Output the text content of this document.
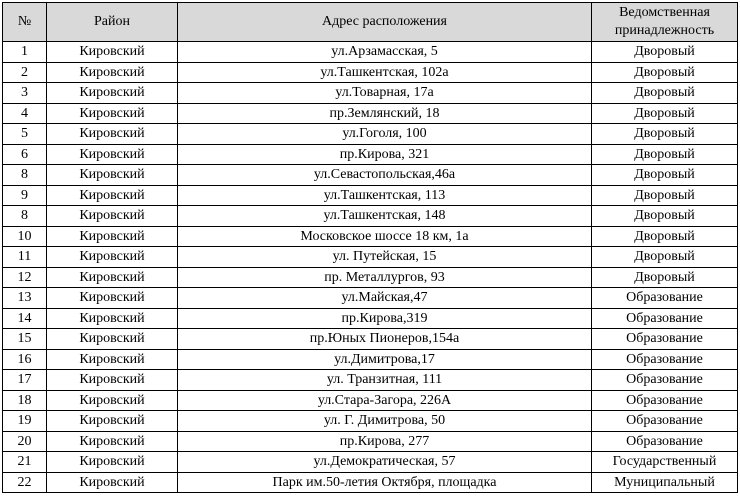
№	Район	Адрес расположения	Ведомственная принадлежность
1	Кировский	ул.Арзамасская, 5	Дворовый
2	Кировский	ул.Ташкентская, 102а	Дворовый
3	Кировский	ул.Товарная, 17а	Дворовый
4	Кировский	пр.Землянский, 18	Дворовый
5	Кировский	ул.Гоголя, 100	Дворовый
6	Кировский	пр.Кирова, 321	Дворовый
8	Кировский	ул.Севастопольская,46а	Дворовый
9	Кировский	ул.Ташкентская, 113	Дворовый
8	Кировский	ул.Ташкентская, 148	Дворовый
10	Кировский	Московское шоссе 18 км, 1а	Дворовый
11	Кировский	ул. Путейская, 15	Дворовый
12	Кировский	пр. Металлургов, 93	Дворовый
13	Кировский	ул.Майская,47	Образование
14	Кировский	пр.Кирова,319	Образование
15	Кировский	пр.Юных Пионеров,154а	Образование
16	Кировский	ул.Димитрова,17	Образование
17	Кировский	ул. Транзитная, 111	Образование
18	Кировский	ул.Стара-Загора, 226А	Образование
19	Кировский	ул. Г. Димитрова, 50	Образование
20	Кировский	пр.Кирова, 277	Образование
21	Кировский	ул.Демократическая, 57	Государственный
22	Кировский	Парк им.50-летия Октября, площадка	Муниципальный
